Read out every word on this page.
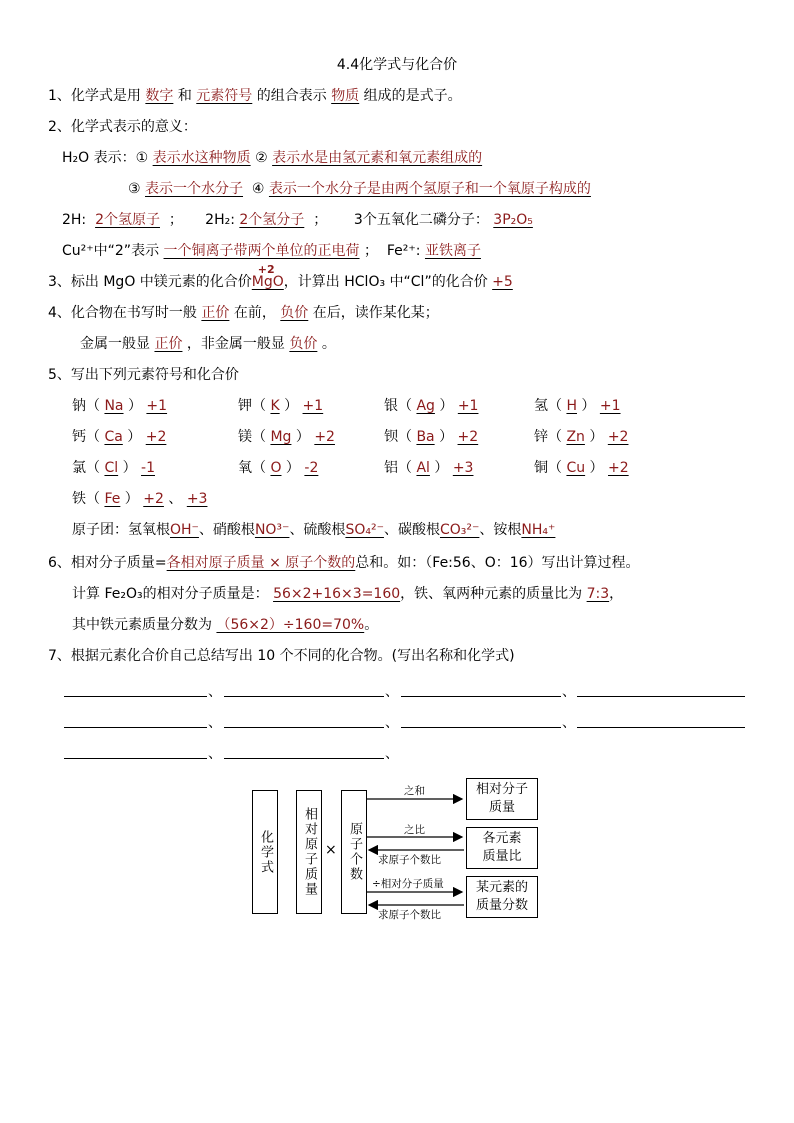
4.4化学式与化合价
1、化学式是用 数字 和 元素符号 的组合表示 物质 组成的是式子。
2、化学式表示的意义：
H₂O 表示：① 表示水这种物质 ② 表示水是由氢元素和氧元素组成的
③ 表示一个水分子 ④ 表示一个水分子是由两个氢原子和一个氧原子构成的
2H: 2个氢原子 ； 2H₂: 2个氢分子 ； 3个五氧化二磷分子： 3P₂O₅
Cu²⁺中“2”表示 一个铜离子带两个单位的正电荷 ； Fe²⁺: 亚铁离子
3、标出 MgO 中镁元素的化合价
+2
MgO，计算出 HClO₃ 中“Cl”的化合价 +5
4、化合物在书写时一般 正价 在前， 负价 在后，读作某化某；
金属一般显 正价 ，非金属一般显 负价 。
5、写出下列元素符号和化合价
钠（ Na ） +1	钾（ K ） +1	银（ Ag ） +1	氢（ H ） +1
钙（ Ca ） +2	镁（ Mg ） +2	钡（ Ba ） +2	锌（ Zn ） +2
氯（ Cl ） -1	氧（ O ） -2	铝（ Al ） +3	铜（ Cu ） +2
铁（ Fe ） +2 、 +3
原子团：氢氧根OH⁻、硝酸根NO³⁻、硫酸根SO₄²⁻、碳酸根CO₃²⁻、铵根NH₄⁺
6、相对分子质量=各相对原子质量 × 原子个数的总和。如：（Fe:56、O：16）写出计算过程。
计算 Fe₂O₃的相对分子质量是： 56×2+16×3=160，铁、氧两种元素的质量比为 7:3，
其中铁元素质量分数为 （56×2）÷160=70%。
7、根据元素化合价自己总结写出 10 个不同的化合物。(写出名称和化学式)
、	、	、
、	、	、
、	、
化学式	相对原子质量 × 原子个数
相对分子质量
各元素质量比
某元素的质量分数
之和
之比
求原子个数比
÷相对分子质量
求原子个数比
